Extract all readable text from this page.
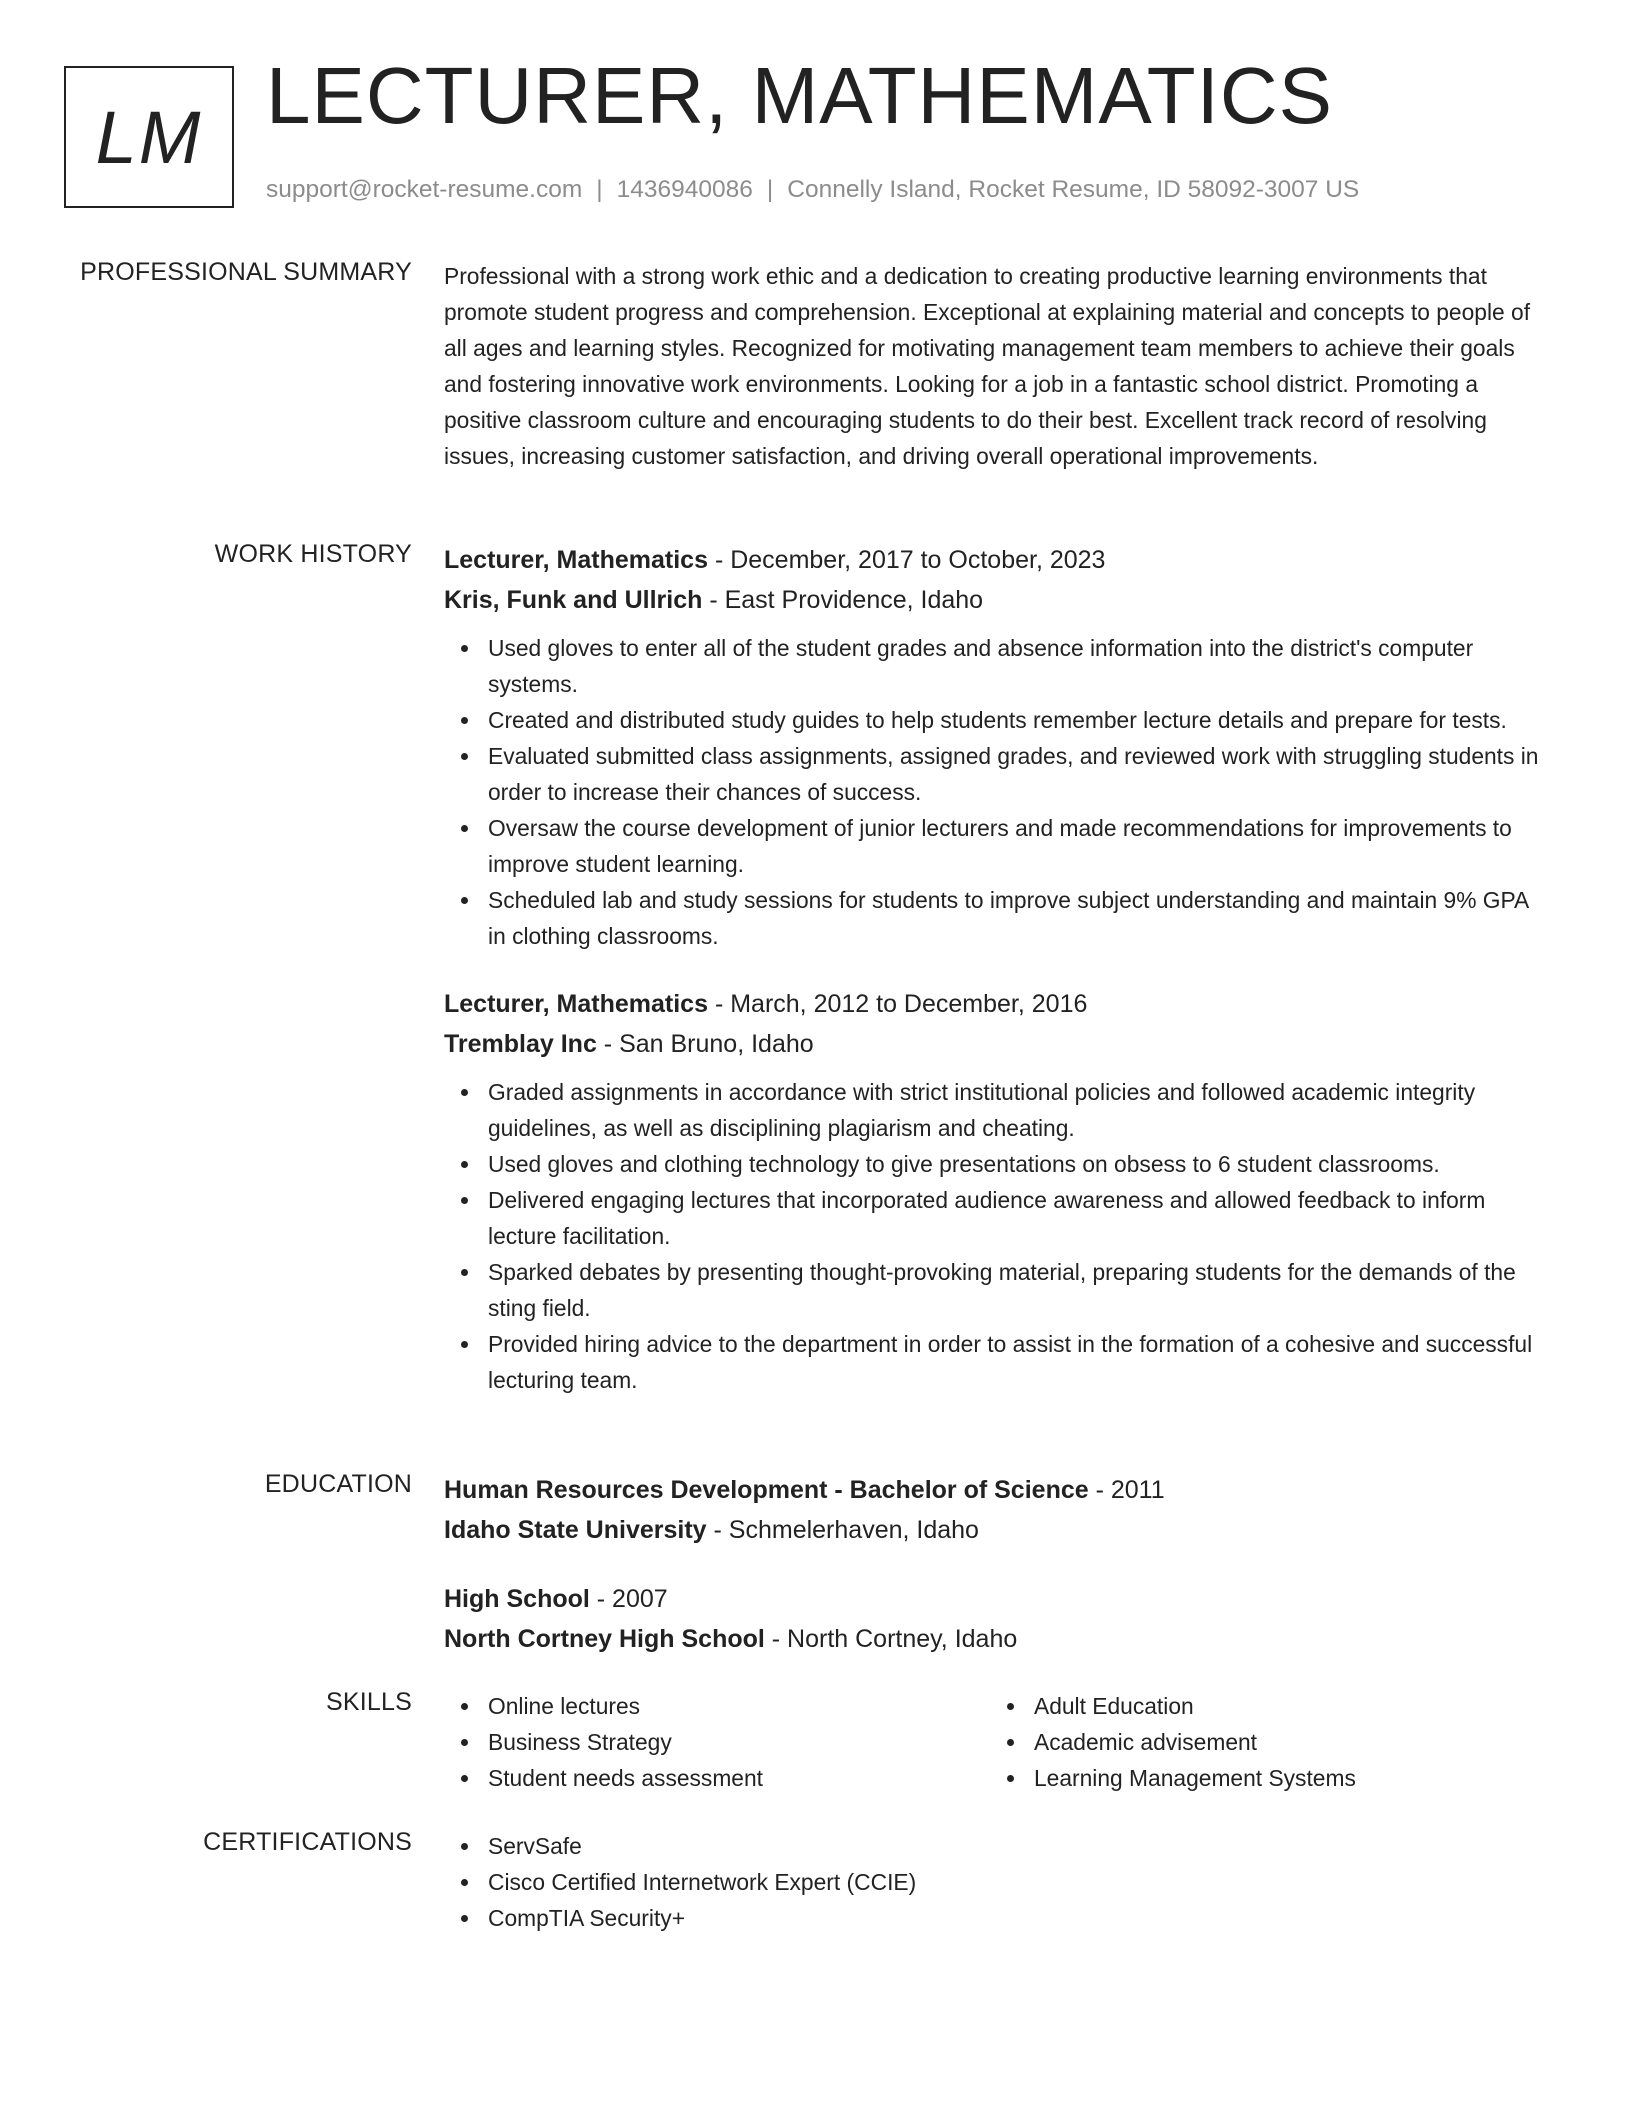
LM LECTURER, MATHEMATICS
support@rocket-resume.com | 1436940086 | Connelly Island, Rocket Resume, ID 58092-3007 US
PROFESSIONAL SUMMARY Professional with a strong work ethic and a dedication to creating productive learning environments that promote student progress and comprehension. Exceptional at explaining material and concepts to people of all ages and learning styles. Recognized for motivating management team members to achieve their goals and fostering innovative work environments. Looking for a job in a fantastic school district. Promoting a positive classroom culture and encouraging students to do their best. Excellent track record of resolving issues, increasing customer satisfaction, and driving overall operational improvements.

WORK HISTORY Lecturer, Mathematics - December, 2017 to October, 2023
Kris, Funk and Ullrich - East Providence, Idaho
Used gloves to enter all of the student grades and absence information into the district's computer systems.
Created and distributed study guides to help students remember lecture details and prepare for tests.
Evaluated submitted class assignments, assigned grades, and reviewed work with struggling students in order to increase their chances of success.
Oversaw the course development of junior lecturers and made recommendations for improvements to improve student learning.
Scheduled lab and study sessions for students to improve subject understanding and maintain 9% GPA in clothing classrooms.
Lecturer, Mathematics - March, 2012 to December, 2016
Tremblay Inc - San Bruno, Idaho
Graded assignments in accordance with strict institutional policies and followed academic integrity guidelines, as well as disciplining plagiarism and cheating.
Used gloves and clothing technology to give presentations on obsess to 6 student classrooms.
Delivered engaging lectures that incorporated audience awareness and allowed feedback to inform lecture facilitation.
Sparked debates by presenting thought-provoking material, preparing students for the demands of the sting field.
Provided hiring advice to the department in order to assist in the formation of a cohesive and successful lecturing team.
EDUCATION Human Resources Development - Bachelor of Science - 2011
Idaho State University - Schmelerhaven, Idaho
High School - 2007
North Cortney High School - North Cortney, Idaho
SKILLS	Online lectures
Business Strategy
Student needs assessment
Adult Education
Academic advisement
Learning Management Systems
CERTIFICATIONS	ServSafe
Cisco Certified Internetwork Expert (CCIE)
CompTIA Security+
